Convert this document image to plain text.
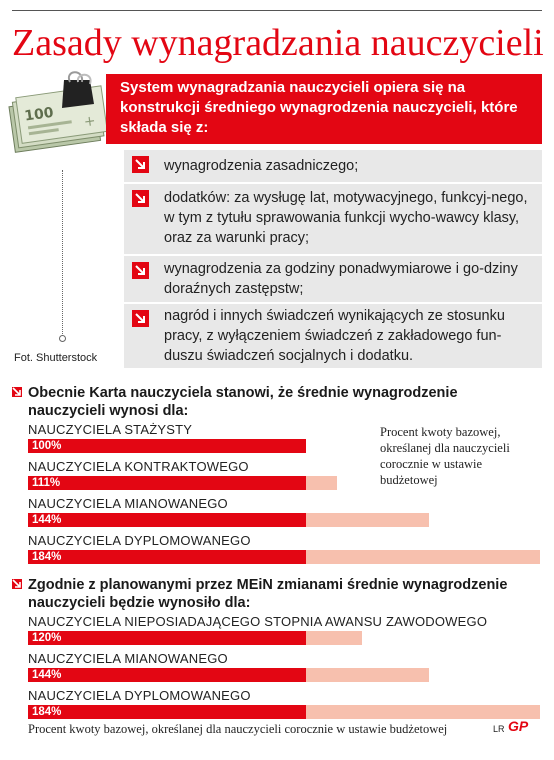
Zasady wynagradzania nauczycieli
100 +
Fot. Shutterstock
System wynagradzania nauczycieli opiera się na konstrukcji średniego wynagrodzenia nauczycieli, które składa się z:
wynagrodzenia zasadniczego;
dodatków: za wysługę lat, motywacyjnego, funkcyj-nego, w tym z tytułu sprawowania funkcji wycho-wawcy klasy, oraz za warunki pracy;
wynagrodzenia za godziny ponadwymiarowe i go-dziny doraźnych zastępstw;
nagród i innych świadczeń wynikających ze stosunku pracy, z wyłączeniem świadczeń z zakładowego fun-duszu świadczeń socjalnych i dodatku.
Obecnie Karta nauczyciela stanowi, że średnie wynagrodzenie nauczycieli wynosi dla:
NAUCZYCIELA STAŻYSTY
100%
NAUCZYCIELA KONTRAKTOWEGO
111%
NAUCZYCIELA MIANOWANEGO
144%
NAUCZYCIELA DYPLOMOWANEGO
184%
Procent kwoty bazowej, określanej dla nauczycieli corocznie w ustawie budżetowej
Zgodnie z planowanymi przez MEiN zmianami średnie wynagrodzenie nauczycieli będzie wynosiło dla:
NAUCZYCIELA NIEPOSIADAJĄCEGO STOPNIA AWANSU ZAWODOWEGO
120%
NAUCZYCIELA MIANOWANEGO
144%
NAUCZYCIELA DYPLOMOWANEGO
184%
Procent kwoty bazowej, określanej dla nauczycieli corocznie w ustawie budżetowej	LR GP
